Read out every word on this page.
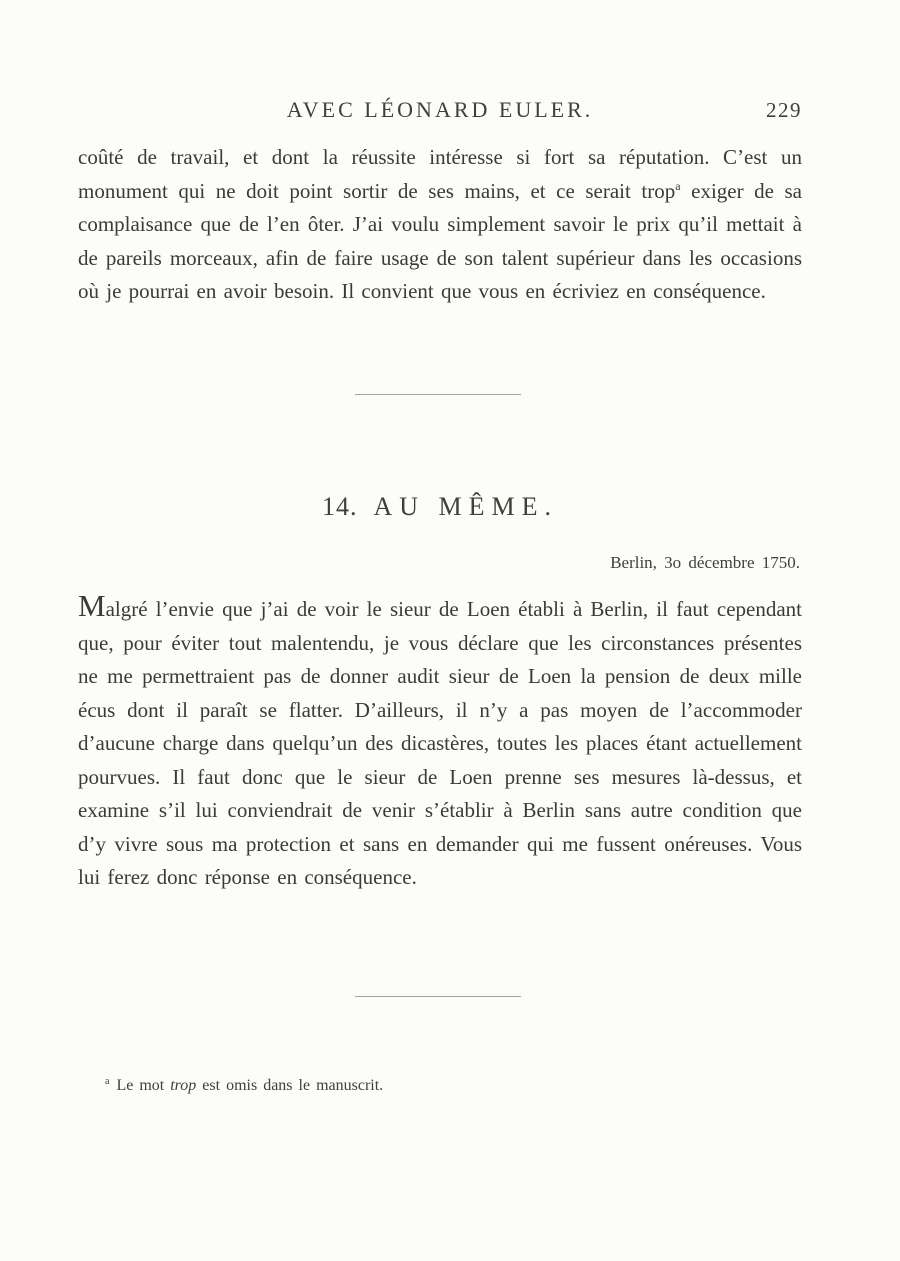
AVEC LÉONARD EULER.	229

coûté de travail, et dont la réussite intéresse si fort sa réputation. C’est un monument qui ne doit point sortir de ses mains, et ce serait trop$^a$ exiger de sa complaisance que de l’en ôter. J’ai voulu simplement savoir le prix qu’il mettait à de pareils morceaux, afin de faire usage de son talent supérieur dans les occasions où je pourrai en avoir besoin. Il convient que vous en écriviez en conséquence.

14. AU MÊME.
Berlin, 3o décembre 1750.

Malgré l’envie que j’ai de voir le sieur de Loen établi à Berlin, il faut cependant que, pour éviter tout malentendu, je vous déclare que les circonstances présentes ne me permettraient pas de donner audit sieur de Loen la pension de deux mille écus dont il paraît se flatter. D’ailleurs, il n’y a pas moyen de l’accommoder d’aucune charge dans quelqu’un des dicastères, toutes les places étant actuellement pourvues. Il faut donc que le sieur de Loen prenne ses mesures là-dessus, et examine s’il lui conviendrait de venir s’établir à Berlin sans autre condition que d’y vivre sous ma protection et sans en demander qui me fussent onéreuses. Vous lui ferez donc réponse en conséquence.

$^a$ Le mot trop est omis dans le manuscrit.
